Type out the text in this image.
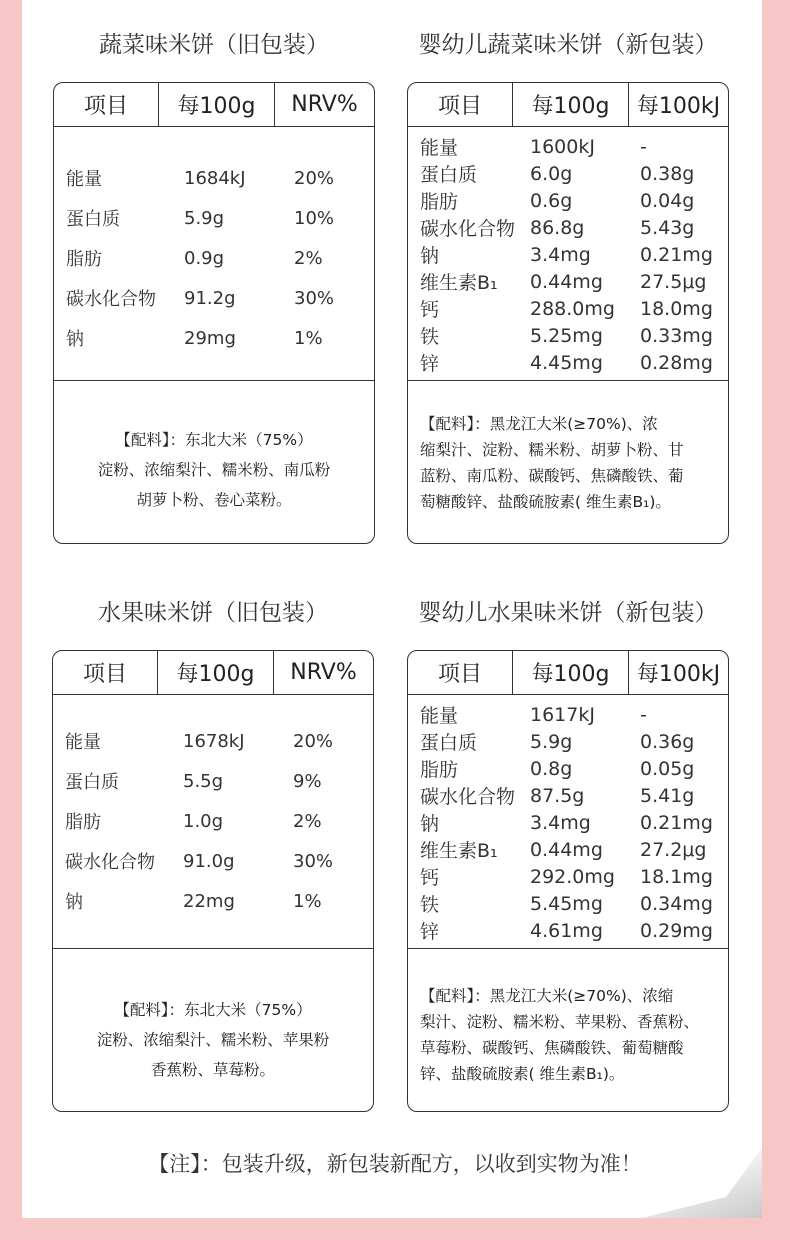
蔬菜味米饼（旧包装）
项目	每100g	NRV%
能量	1684kJ	20%
蛋白质	5.9g	10%
脂肪	0.9g	2%
碳水化合物	91.2g	30%
钠	29mg	1%
【配料】：东北大米（75%）
淀粉、浓缩梨汁、糯米粉、南瓜粉
胡萝卜粉、卷心菜粉。
婴幼儿蔬菜味米饼（新包装）
项目	每100g	每100kJ
能量	1600kJ	-
蛋白质	6.0g	0.38g
脂肪	0.6g	0.04g
碳水化合物 86.8g	5.43g
钠	3.4mg	0.21mg
维生素B₁	0.44mg	27.5μg
钙	288.0mg	18.0mg
铁	5.25mg	0.33mg
锌	4.45mg	0.28mg
【配料】：黑龙江大米(≥70%)、浓
缩梨汁、淀粉、糯米粉、胡萝卜粉、甘
蓝粉、南瓜粉、碳酸钙、焦磷酸铁、葡
萄糖酸锌、盐酸硫胺素( 维生素B₁)。
水果味米饼（旧包装）
项目	每100g	NRV%
能量	1678kJ	20%
蛋白质	5.5g	9%
脂肪	1.0g	2%
碳水化合物	91.0g	30%
钠	22mg	1%
【配料】：东北大米（75%）
淀粉、浓缩梨汁、糯米粉、苹果粉
香蕉粉、草莓粉。
婴幼儿水果味米饼（新包装）
项目	每100g	每100kJ
能量	1617kJ	-
蛋白质	5.9g	0.36g
脂肪	0.8g	0.05g
碳水化合物 87.5g	5.41g
钠	3.4mg	0.21mg
维生素B₁	0.44mg	27.2μg
钙	292.0mg	18.1mg
铁	5.45mg	0.34mg
锌	4.61mg	0.29mg
【配料】：黑龙江大米(≥70%)、浓缩
梨汁、淀粉、糯米粉、苹果粉、香蕉粉、
草莓粉、碳酸钙、焦磷酸铁、葡萄糖酸
锌、盐酸硫胺素( 维生素B₁)。
【注】：包装升级，新包装新配方，以收到实物为准！
